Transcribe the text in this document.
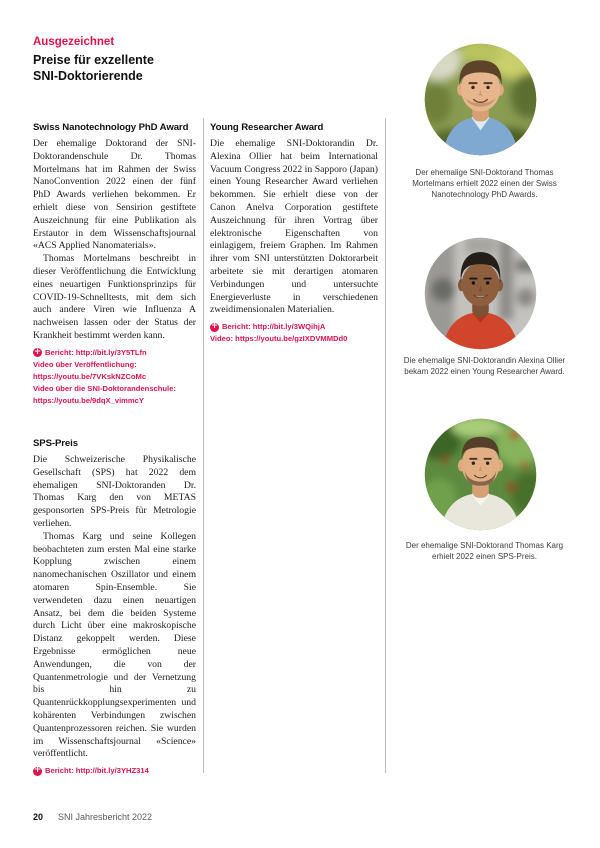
Ausgezeichnet
Preise für exzellente
SNI-Doktorierende
Swiss Nanotechnology PhD Award

Der ehemalige Doktorand der SNI-Doktorandenschule Dr. Thomas Mortelmans hat im Rahmen der Swiss NanoConvention 2022 einen der fünf PhD Awards verliehen bekommen. Er erhielt diese von Sensirion gestiftete Auszeichnung für eine Publikation als Erstautor in dem Wissenschaftsjournal «ACS Applied Nanomaterials».

Thomas Mortelmans beschreibt in dieser Veröffentlichung die Entwicklung eines neuartigen Funktionsprinzips für COVID-19-Schnelltests, mit dem sich auch andere Viren wie Influenza A nachweisen lassen oder der Status der Krankheit bestimmt werden kann.

+
Bericht: http://bit.ly/3Y5TLfn
Video über Veröffentlichung:
https://youtu.be/7VKskNZCoMc
Video über die SNI-Doktorandenschule:
https://youtu.be/9dqX_vimmcY
SPS-Preis

Die Schweizerische Physikalische Gesellschaft (SPS) hat 2022 dem ehemaligen SNI-Doktoranden Dr. Thomas Karg den von METAS gesponsorten SPS-Preis für Metrologie verliehen.

Thomas Karg und seine Kollegen beobachteten zum ersten Mal eine starke Kopplung zwischen einem nanomechanischen Oszillator und einem atomaren Spin-Ensemble. Sie verwendeten dazu einen neuartigen Ansatz, bei dem die beiden Systeme durch Licht über eine makroskopische Distanz gekoppelt werden. Diese Ergebnisse ermöglichen neue Anwendungen, die von der Quantenmetrologie und der Vernetzung bis hin zu Quantenrückkopplungsexperimenten und kohärenten Verbindungen zwischen Quantenprozessoren reichen. Sie wurden im Wissenschaftsjournal «Science» veröffentlicht.

+
Bericht: http://bit.ly/3YHZ314
Young Researcher Award

Die ehemalige SNI-Doktorandin Dr. Alexina Ollier hat beim International Vacuum Congress 2022 in Sapporo (Japan) einen Young Researcher Award verliehen bekommen. Sie erhielt diese von der Canon Anelva Corporation gestiftete Auszeichnung für ihren Vortrag über elektronische Eigenschaften von einlagigem, freiem Graphen. Im Rahmen ihrer vom SNI unterstützten Doktorarbeit arbeitete sie mit derartigen atomaren Verbindungen und untersuchte Energieverluste in verschiedenen zweidimensionalen Materialien.

+
Bericht: http://bit.ly/3WQihjA
Video: https://youtu.be/gzIXDVMMDd0
Der ehemalige SNI-Doktorand Thomas Mortelmans erhielt 2022 einen der Swiss Nanotechnology PhD Awards.
Die ehemalige SNI-Doktorandin Alexina Ollier bekam 2022 einen Young Researcher Award.
Der ehemalige SNI-Doktorand Thomas Karg erhielt 2022 einen SPS-Preis.
20 SNI Jahresbericht 2022
